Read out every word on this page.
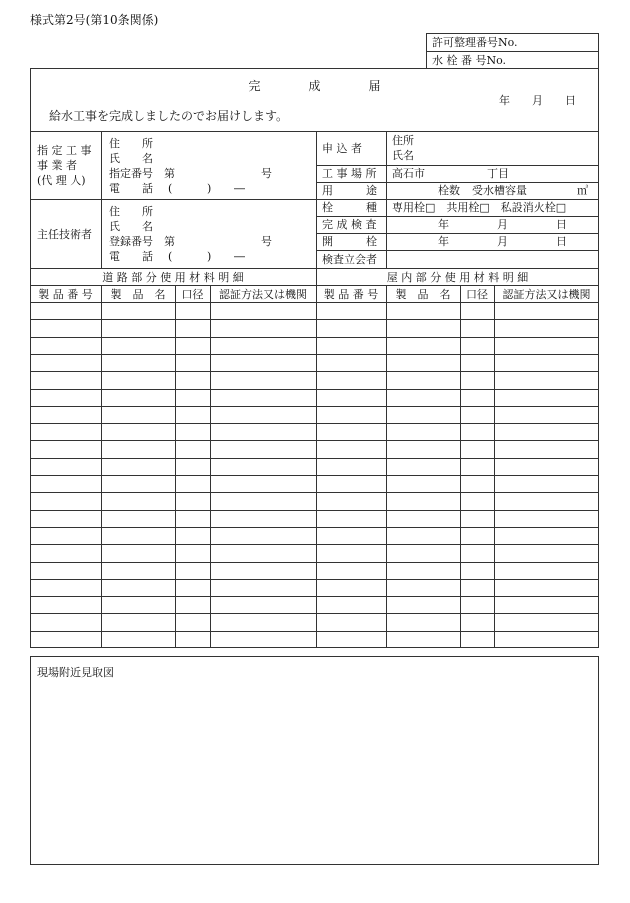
様式第2号(第10条関係)
許可整理番号No.
水 栓 番 号No.
完　　　　成　　　　届
年　　月　　日
給水工事を完成しましたのでお届けします。
指 定 工 事
事 業 者
(代 理 人)
住　　所
氏　　名
指定番号　第	号
電　　話 (	) ―
主任技術者
住　　所
氏　　名
登録番号　第	号
電　　話 (	) ―
申 込 者
住所
氏名
工 事 場 所 高石市	丁目
用　　　途	栓数 受水槽容量	㎥
栓　　　種 専用栓□　共用栓□　私設消火栓□
完 成 検 査	年	月	日
開　　　栓	年	月	日
検査立会者
道 路 部 分 使 用 材 料 明 細	屋 内 部 分 使 用 材 料 明 細
製 品 番 号	製　品　名	口径	認証方法又は機関	製 品 番 号	製　品　名	口径	認証方法又は機関
現場附近見取図
